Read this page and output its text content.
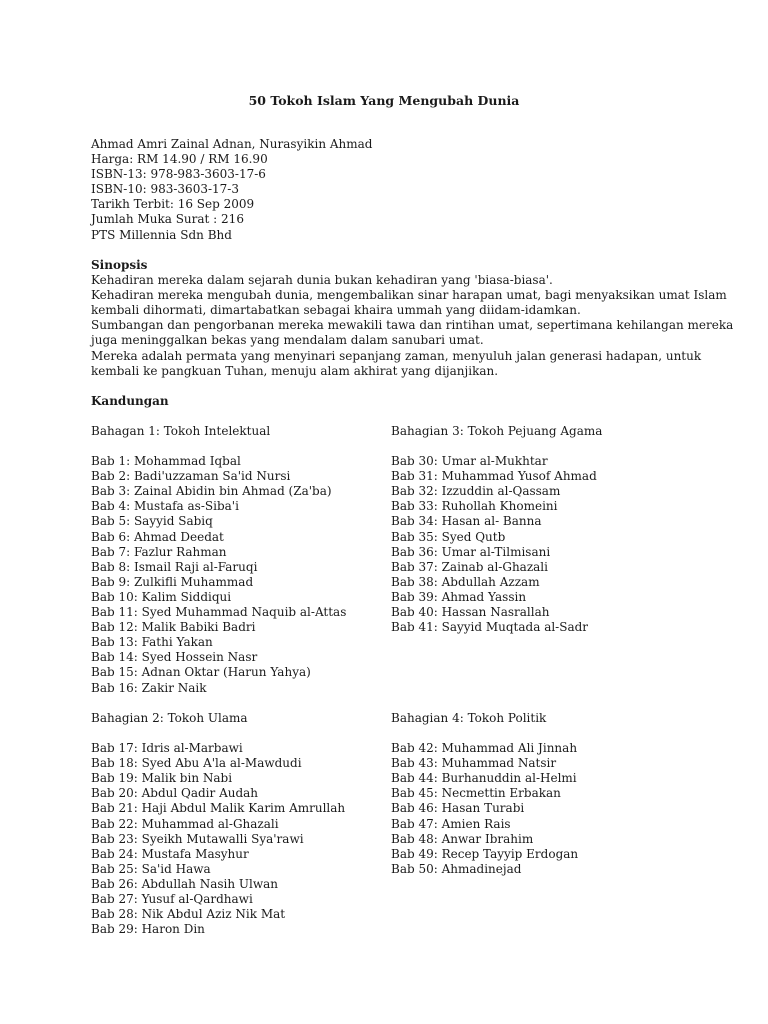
50 Tokoh Islam Yang Mengubah Dunia
Ahmad Amri Zainal Adnan, Nurasyikin Ahmad
Harga: RM 14.90 / RM 16.90
ISBN-13: 978-983-3603-17-6
ISBN-10: 983-3603-17-3
Tarikh Terbit: 16 Sep 2009
Jumlah Muka Surat : 216
PTS Millennia Sdn Bhd
Sinopsis
Kehadiran mereka dalam sejarah dunia bukan kehadiran yang 'biasa-biasa'.
Kehadiran mereka mengubah dunia, mengembalikan sinar harapan umat, bagi menyaksikan umat Islam
kembali dihormati, dimartabatkan sebagai khaira ummah yang diidam-idamkan.
Sumbangan dan pengorbanan mereka mewakili tawa dan rintihan umat, sepertimana kehilangan mereka
juga meninggalkan bekas yang mendalam dalam sanubari umat.
Mereka adalah permata yang menyinari sepanjang zaman, menyuluh jalan generasi hadapan, untuk
kembali ke pangkuan Tuhan, menuju alam akhirat yang dijanjikan.
Kandungan
Bahagan 1: Tokoh Intelektual
Bab 1: Mohammad Iqbal
Bab 2: Badi'uzzaman Sa'id Nursi
Bab 3: Zainal Abidin bin Ahmad (Za'ba)
Bab 4: Mustafa as-Siba'i
Bab 5: Sayyid Sabiq
Bab 6: Ahmad Deedat
Bab 7: Fazlur Rahman
Bab 8: Ismail Raji al-Faruqi
Bab 9: Zulkifli Muhammad
Bab 10: Kalim Siddiqui
Bab 11: Syed Muhammad Naquib al-Attas
Bab 12: Malik Babiki Badri
Bab 13: Fathi Yakan
Bab 14: Syed Hossein Nasr
Bab 15: Adnan Oktar (Harun Yahya)
Bab 16: Zakir Naik
Bahagian 3: Tokoh Pejuang Agama
Bab 30: Umar al-Mukhtar
Bab 31: Muhammad Yusof Ahmad
Bab 32: Izzuddin al-Qassam
Bab 33: Ruhollah Khomeini
Bab 34: Hasan al- Banna
Bab 35: Syed Qutb
Bab 36: Umar al-Tilmisani
Bab 37: Zainab al-Ghazali
Bab 38: Abdullah Azzam
Bab 39: Ahmad Yassin
Bab 40: Hassan Nasrallah
Bab 41: Sayyid Muqtada al-Sadr
Bahagian 2: Tokoh Ulama
Bab 17: Idris al-Marbawi
Bab 18: Syed Abu A'la al-Mawdudi
Bab 19: Malik bin Nabi
Bab 20: Abdul Qadir Audah
Bab 21: Haji Abdul Malik Karim Amrullah
Bab 22: Muhammad al-Ghazali
Bab 23: Syeikh Mutawalli Sya'rawi
Bab 24: Mustafa Masyhur
Bab 25: Sa'id Hawa
Bab 26: Abdullah Nasih Ulwan
Bab 27: Yusuf al-Qardhawi
Bab 28: Nik Abdul Aziz Nik Mat
Bab 29: Haron Din
Bahagian 4: Tokoh Politik
Bab 42: Muhammad Ali Jinnah
Bab 43: Muhammad Natsir
Bab 44: Burhanuddin al-Helmi
Bab 45: Necmettin Erbakan
Bab 46: Hasan Turabi
Bab 47: Amien Rais
Bab 48: Anwar Ibrahim
Bab 49: Recep Tayyip Erdogan
Bab 50: Ahmadinejad
